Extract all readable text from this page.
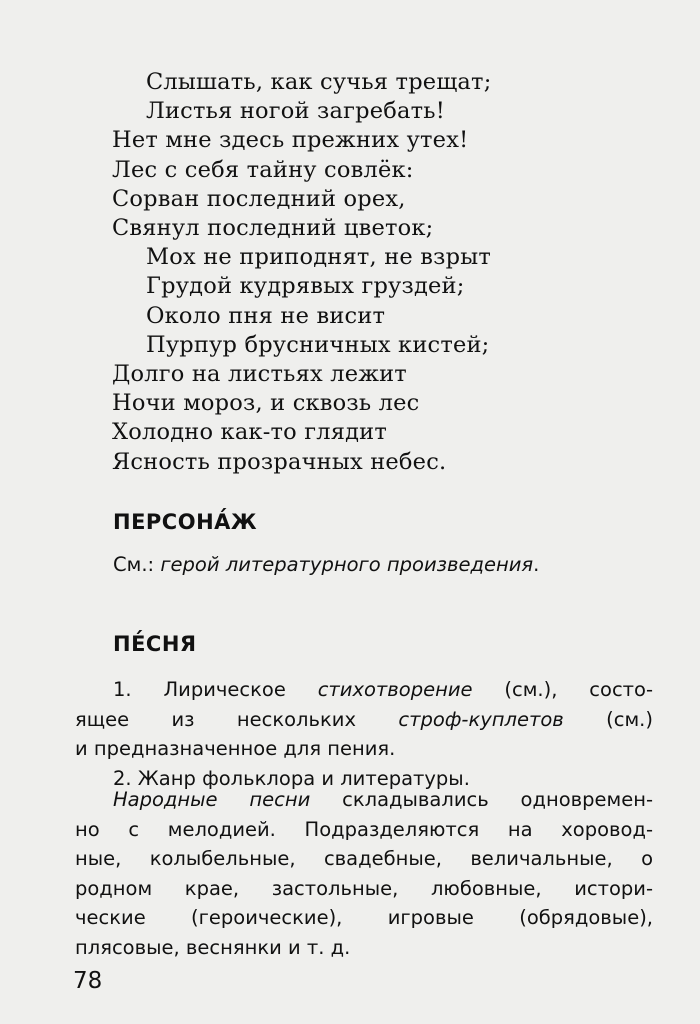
Слышать, как сучья трещат;
Листья ногой загребать!
Нет мне здесь прежних утех!
Лес с себя тайну совлёк:
Сорван последний орех,
Свянул последний цветок;
Мох не приподнят, не взрыт
Грудой кудрявых груздей;
Около пня не висит
Пурпур брусничных кистей;
Долго на листьях лежит
Ночи мороз, и сквозь лес
Холодно как-то глядит
Ясность прозрачных небес.
ПЕРСОНА́Ж
См.: герой литературного произведения.
ПЕ́СНЯ
1. Лирическое стихотворение (см.), состо-
ящее из нескольких строф-куплетов (см.)
и предназначенное для пения.
2. Жанр фольклора и литературы.
Народные песни складывались одновремен-
но с мелодией. Подразделяются на хоровод-
ные, колыбельные, свадебные, величальные, о
родном крае, застольные, любовные, истори-
ческие (героические), игровые (обрядовые),
плясовые, веснянки и т. д.
78
